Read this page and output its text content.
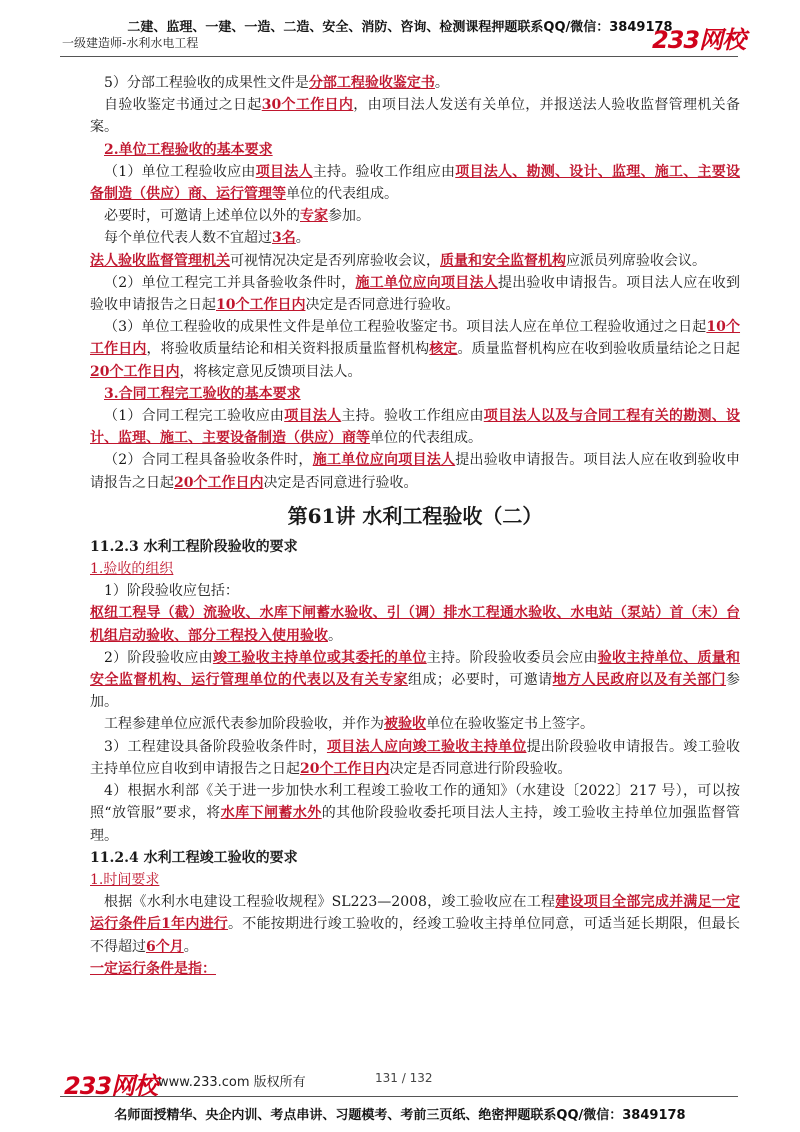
二建、监理、一建、一造、二造、安全、消防、咨询、检测课程押题联系QQ/微信：3849178
一级建造师-水利水电工程	233网校

5）分部工程验收的成果性文件是分部工程验收鉴定书。

自验收鉴定书通过之日起30个工作日内，由项目法人发送有关单位，并报送法人验收监督管理机关备案。

2.单位工程验收的基本要求

（1）单位工程验收应由项目法人主持。验收工作组应由项目法人、勘测、设计、监理、施工、主要设备制造（供应）商、运行管理等单位的代表组成。

必要时，可邀请上述单位以外的专家参加。

每个单位代表人数不宜超过3名。

法人验收监督管理机关可视情况决定是否列席验收会议，质量和安全监督机构应派员列席验收会议。

（2）单位工程完工并具备验收条件时，施工单位应向项目法人提出验收申请报告。项目法人应在收到验收申请报告之日起10个工作日内决定是否同意进行验收。

（3）单位工程验收的成果性文件是单位工程验收鉴定书。项目法人应在单位工程验收通过之日起10个工作日内，将验收质量结论和相关资料报质量监督机构核定。质量监督机构应在收到验收质量结论之日起20个工作日内，将核定意见反馈项目法人。

3.合同工程完工验收的基本要求

（1）合同工程完工验收应由项目法人主持。验收工作组应由项目法人以及与合同工程有关的勘测、设计、监理、施工、主要设备制造（供应）商等单位的代表组成。

（2）合同工程具备验收条件时，施工单位应向项目法人提出验收申请报告。项目法人应在收到验收申请报告之日起20个工作日内决定是否同意进行验收。

第61讲 水利工程验收（二）

11.2.3 水利工程阶段验收的要求

1.验收的组织

1）阶段验收应包括：

枢纽工程导（截）流验收、水库下闸蓄水验收、引（调）排水工程通水验收、水电站（泵站）首（末）台机组启动验收、部分工程投入使用验收。

2）阶段验收应由竣工验收主持单位或其委托的单位主持。阶段验收委员会应由验收主持单位、质量和安全监督机构、运行管理单位的代表以及有关专家组成；必要时，可邀请地方人民政府以及有关部门参加。

工程参建单位应派代表参加阶段验收，并作为被验收单位在验收鉴定书上签字。

3）工程建设具备阶段验收条件时，项目法人应向竣工验收主持单位提出阶段验收申请报告。竣工验收主持单位应自收到申请报告之日起20个工作日内决定是否同意进行阶段验收。

4）根据水利部《关于进一步加快水利工程竣工验收工作的通知》（水建设〔2022〕217 号），可以按照“放管服”要求，将水库下闸蓄水外的其他阶段验收委托项目法人主持，竣工验收主持单位加强监督管理。

11.2.4 水利工程竣工验收的要求

1.时间要求

根据《水利水电建设工程验收规程》SL223—2008，竣工验收应在工程建设项目全部完成并满足一定运行条件后1年内进行。不能按期进行竣工验收的，经竣工验收主持单位同意，可适当延长期限，但最长不得超过6个月。

一定运行条件是指：

233网校 www.233.com 版权所有	131 / 132
名师面授精华、央企内训、考点串讲、习题模考、考前三页纸、绝密押题联系QQ/微信：3849178
